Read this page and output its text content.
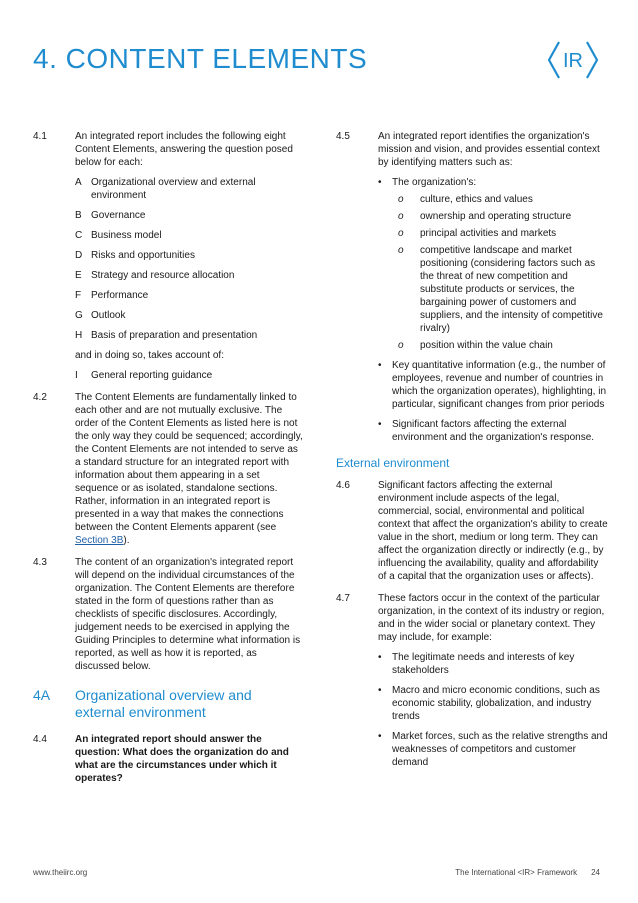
4. CONTENT ELEMENTS	IR
4.1	An integrated report includes the following eight Content Elements, answering the question posed below for each:
A Organizational overview and external environment
B Governance
C Business model
D Risks and opportunities
E Strategy and resource allocation
F Performance
G Outlook
H Basis of preparation and presentation
and in doing so, takes account of:
I General reporting guidance
4.2	The Content Elements are fundamentally linked to each other and are not mutually exclusive. The order of the Content Elements as listed here is not the only way they could be sequenced; accordingly, the Content Elements are not intended to serve as a standard structure for an integrated report with information about them appearing in a set sequence or as isolated, standalone sections. Rather, information in an integrated report is presented in a way that makes the connections between the Content Elements apparent (see Section 3B).
4.3	The content of an organization's integrated report will depend on the individual circumstances of the organization. The Content Elements are therefore stated in the form of questions rather than as checklists of specific disclosures. Accordingly, judgement needs to be exercised in applying the Guiding Principles to determine what information is reported, as well as how it is reported, as discussed below.
4A Organizational overview and external environment
4.4	An integrated report should answer the question: What does the organization do and what are the circumstances under which it operates?
4.5	An integrated report identifies the organization's mission and vision, and provides essential context by identifying matters such as:
• The organization's:
o culture, ethics and values
o ownership and operating structure
o principal activities and markets
o competitive landscape and market positioning (considering factors such as the threat of new competition and substitute products or services, the bargaining power of customers and suppliers, and the intensity of competitive rivalry)
o position within the value chain
• Key quantitative information (e.g., the number of employees, revenue and number of countries in which the organization operates), highlighting, in particular, significant changes from prior periods
• Significant factors affecting the external environment and the organization's response.
External environment
4.6	Significant factors affecting the external environment include aspects of the legal, commercial, social, environmental and political context that affect the organization's ability to create value in the short, medium or long term. They can affect the organization directly or indirectly (e.g., by influencing the availability, quality and affordability of a capital that the organization uses or affects).
4.7	These factors occur in the context of the particular organization, in the context of its industry or region, and in the wider social or planetary context. They may include, for example:
• The legitimate needs and interests of key stakeholders
• Macro and micro economic conditions, such as economic stability, globalization, and industry trends
• Market forces, such as the relative strengths and weaknesses of competitors and customer demand
www.theiirc.org	The International <IR> Framework 24
